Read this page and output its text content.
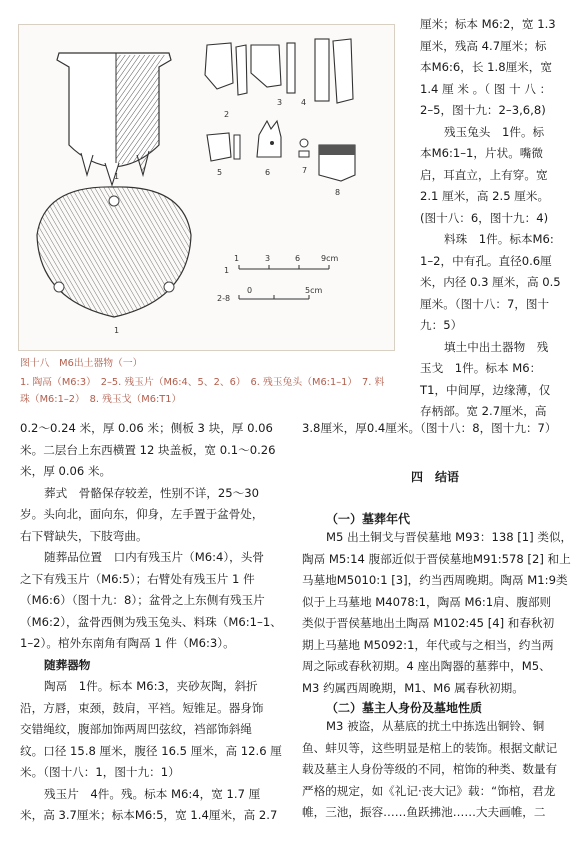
1
2
3 4
5	6	7
8
1
1
1	3	6	9cm
2-8
0	5cm
图十八　M6出土器物（一）
1. 陶鬲（M6:3）　2–5. 残玉片（M6:4、5、2、6）　6. 残玉兔头（M6:1–1）　7. 料
珠（M6:1–2）　8. 残玉戈（M6:T1）
0.2～0.24 米，厚 0.06 米；侧板 3 块，厚 0.06
米。二层台上东西横置 12 块盖板，宽 0.1～0.26
米，厚 0.06 米。
葬式　骨骼保存较差，性别不详，25～30
岁。头向北，面向东，仰身，左手置于盆骨处，
右下臂缺失，下肢弯曲。
随葬品位置　口内有残玉片（M6:4），头骨
之下有残玉片（M6:5）；右臂处有残玉片 1 件
（M6:6）（图十九：8）；盆骨之上东侧有残玉片
（M6:2），盆骨西侧为残玉兔头、料珠（M6:1–1、
1–2）。棺外东南角有陶鬲 1 件（M6:3）。
随葬器物
陶鬲　1件。标本 M6:3，夹砂灰陶，斜折
沿，方唇，束颈，鼓肩，平裆。短锥足。器身饰
交错绳纹，腹部加饰两周凹弦纹，裆部饰斜绳
纹。口径 15.8 厘米，腹径 16.5 厘米，高 12.6 厘
米。（图十八：1，图十九：1）
残玉片　4件。残。标本 M6:4，宽 1.7 厘
米，高 3.7厘米；标本M6:5，宽 1.4厘米，高 2.7
厘米；标本 M6:2，宽 1.3
厘米，残高 4.7厘米；标
本M6:6，长 1.8厘米，宽
1.4 厘 米 。（ 图 十 八 ：
2–5，图十九：2–3,6,8)
残玉兔头　1件。标
本M6:1–1，片状。嘴微
启，耳直立，上有穿。宽
2.1 厘米，高 2.5 厘米。
(图十八：6，图十九：4)
料珠　1件。标本M6:
1–2，中有孔。直径0.6厘
米，内径 0.3 厘米，高 0.5
厘米。（图十八：7，图十
九：5）
填土中出土器物　残
玉戈　1件。标本 M6：
T1，中间厚，边缘薄，仅
存柄部。宽 2.7厘米，高
3.8厘米，厚0.4厘米。（图十八：8，图十九：7）
四　结语
（一）墓葬年代
M5 出土铜戈与晋侯墓地 M93：138 [1] 类似，
陶鬲 M5:14 腹部近似于晋侯墓地M91:578 [2] 和上
马墓地M5010:1 [3]，约当西周晚期。陶鬲 M1:9类
似于上马墓地 M4078:1，陶鬲 M6:1肩、腹部则
类似于晋侯墓地出土陶鬲 M102:45 [4] 和春秋初
期上马墓地 M5092:1，年代或与之相当，约当两
周之际或春秋初期。4 座出陶器的墓葬中，M5、
M3 约属西周晚期，M1、M6 属春秋初期。
（二）墓主人身份及墓地性质
M3 被盗，从墓底的扰土中拣选出铜铃、铜
鱼、蚌贝等，这些明显是棺上的装饰。根据文献记
载及墓主人身份等级的不同，棺饰的种类、数量有
严格的规定，如《礼记·丧大记》载：“饰棺，君龙
帷，三池，振容……鱼跃拂池……大夫画帷，二
